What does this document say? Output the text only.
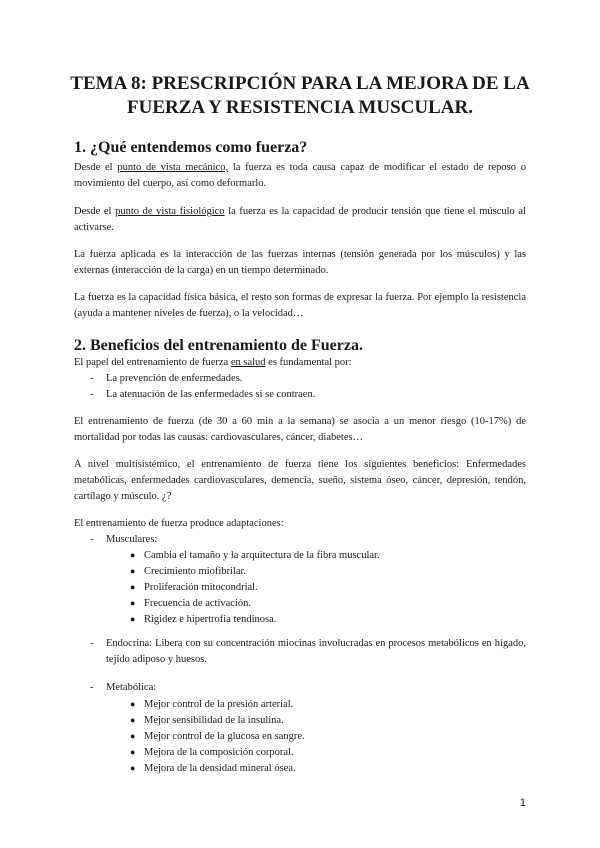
TEMA 8: PRESCRIPCIÓN PARA LA MEJORA DE LA
FUERZA Y RESISTENCIA MUSCULAR.
1. ¿Qué entendemos como fuerza?

Desde el punto de vista mecánico, la fuerza es toda causa capaz de modificar el estado de reposo o movimiento del cuerpo, así como deformarlo.

Desde el punto de vista fisiológico la fuerza es la capacidad de producir tensión que tiene el músculo al activarse.

La fuerza aplicada es la interacción de las fuerzas internas (tensión generada por los músculos) y las externas (interacción de la carga) en un tiempo determinado.

La fuerza es la capacidad física básica, el resto son formas de expresar la fuerza. Por ejemplo la resistencia (ayuda a mantener niveles de fuerza), o la velocidad…

2. Beneficios del entrenamiento de Fuerza.

El papel del entrenamiento de fuerza en salud es fundamental por:

- La prevención de enfermedades.
- La atenuación de las enfermedades si se contraen.

El entrenamiento de fuerza (de 30 a 60 min a la semana) se asocia a un menor riesgo (10-17%) de mortalidad por todas las causas: cardiovasculares, cáncer, diabetes…

A nivel multisistémico, el entrenamiento de fuerza tiene los siguientes beneficios: Enfermedades metabólicas, enfermedades cardiovasculares, demencia, sueño, sistema óseo, cáncer, depresión, tendón, cartílago y músculo. ¿?

El entrenamiento de fuerza produce adaptaciones:

- Musculares:
● Cambia el tamaño y la arquitectura de la fibra muscular.
● Crecimiento miofibrilar.
● Proliferación mitocondrial.
● Frecuencia de activación.
● Rigidez e hipertrofia tendinosa.
- Endocrina: Libera con su concentración miocinas involucradas en procesos metabólicos en hígado, tejido adiposo y huesos.
- Metabólica:
● Mejor control de la presión arterial.
● Mejor sensibilidad de la insulina.
● Mejor control de la glucosa en sangre.
● Mejora de la composición corporal.
● Mejora de la densidad mineral ósea.
1
